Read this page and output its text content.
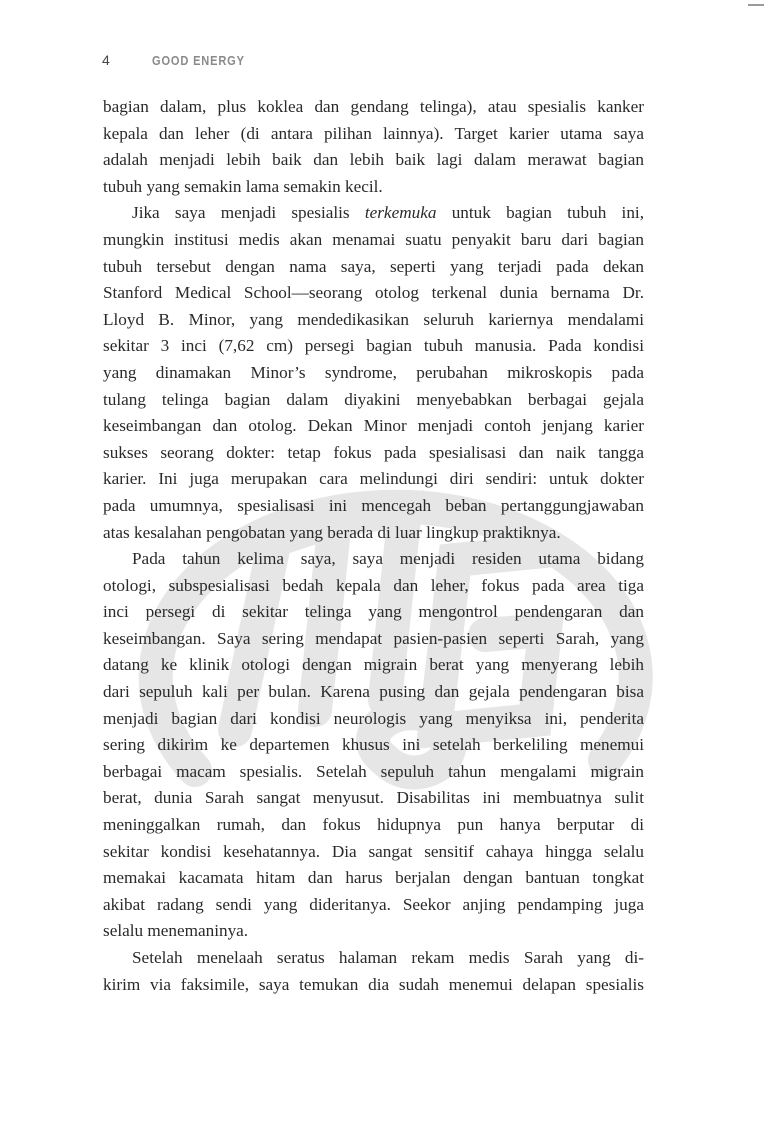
4	GOOD ENERGY
bagian dalam, plus koklea dan gendang telinga), atau spesialis kanker
kepala dan leher (di antara pilihan lainnya). Target karier utama saya
adalah menjadi lebih baik dan lebih baik lagi dalam merawat bagian
tubuh yang semakin lama semakin kecil.
Jika saya menjadi spesialis terkemuka untuk bagian tubuh ini,
mungkin institusi medis akan menamai suatu penyakit baru dari bagian
tubuh tersebut dengan nama saya, seperti yang terjadi pada dekan
Stanford Medical School—seorang otolog terkenal dunia bernama Dr.
Lloyd B. Minor, yang mendedikasikan seluruh kariernya mendalami
sekitar 3 inci (7,62 cm) persegi bagian tubuh manusia. Pada kondisi
yang dinamakan Minor’s syndrome, perubahan mikroskopis pada
tulang telinga bagian dalam diyakini menyebabkan berbagai gejala
keseimbangan dan otolog. Dekan Minor menjadi contoh jenjang karier
sukses seorang dokter: tetap fokus pada spesialisasi dan naik tangga
karier. Ini juga merupakan cara melindungi diri sendiri: untuk dokter
pada umumnya, spesialisasi ini mencegah beban pertanggungjawaban
atas kesalahan pengobatan yang berada di luar lingkup praktiknya.
Pada tahun kelima saya, saya menjadi residen utama bidang
otologi, subspesialisasi bedah kepala dan leher, fokus pada area tiga
inci persegi di sekitar telinga yang mengontrol pendengaran dan
keseimbangan. Saya sering mendapat pasien-pasien seperti Sarah, yang
datang ke klinik otologi dengan migrain berat yang menyerang lebih
dari sepuluh kali per bulan. Karena pusing dan gejala pendengaran bisa
menjadi bagian dari kondisi neurologis yang menyiksa ini, penderita
sering dikirim ke departemen khusus ini setelah berkeliling menemui
berbagai macam spesialis. Setelah sepuluh tahun mengalami migrain
berat, dunia Sarah sangat menyusut. Disabilitas ini membuatnya sulit
meninggalkan rumah, dan fokus hidupnya pun hanya berputar di
sekitar kondisi kesehatannya. Dia sangat sensitif cahaya hingga selalu
memakai kacamata hitam dan harus berjalan dengan bantuan tongkat
akibat radang sendi yang dideritanya. Seekor anjing pendamping juga
selalu menemaninya.
Setelah menelaah seratus halaman rekam medis Sarah yang di-
kirim via faksimile, saya temukan dia sudah menemui delapan spesialis
